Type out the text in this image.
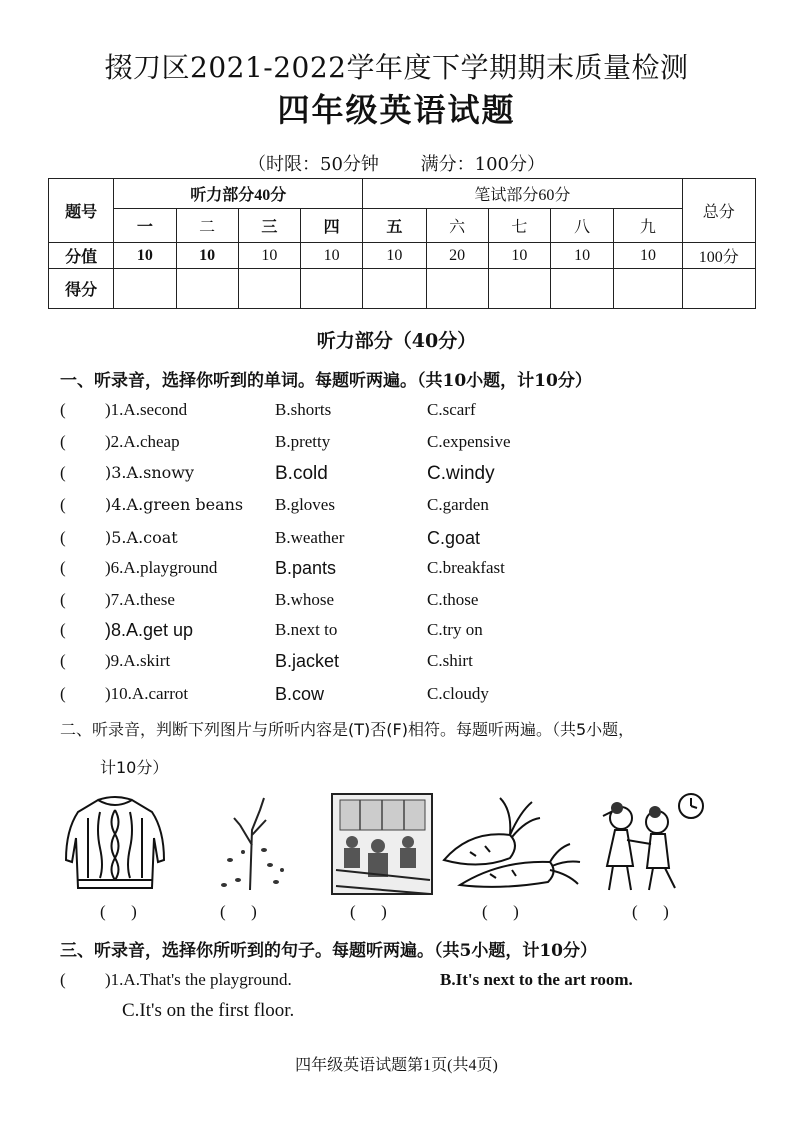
掇刀区2021-2022学年度下学期期末质量检测
四年级英语试题
（时限：50分钟 满分：100分）
题号	听力部分40分				笔试部分60分					总分
	一	二	三	四	五	六	七	八	九	
分值	10	10	10	10	10	20	10	10	10	100分
得分										
听力部分（40分）
一、听录音，选择你听到的单词。每题听两遍。（共10小题，计10分）
( )1.A.second	B.shorts	C.scarf
( )2.A.cheap	B.pretty	C.expensive
( )3.A.snowy	B.cold	C.windy
( )4.A.green beans B.gloves	C.garden
( )5.A.coat	B.weather	C.goat
( )6.A.playground	B.pants	C.breakfast
( )7.A.these	B.whose	C.those
( )8.A.get up	B.next to	C.try on
( )9.A.skirt	B.jacket	C.shirt
( )10.A.carrot	B.cow	C.cloudy
二、听录音，判断下列图片与所听内容是(T)否(F)相符。每题听两遍。（共5小题，
计10分）
(      )	(      )	(      )	(      )	(      )
三、听录音，选择你所听到的句子。每题听两遍。（共5小题，计10分）
( )1.A.That's the playground.	B.It's next to the art room.
C.It's on the first floor.
四年级英语试题第1页(共4页)
